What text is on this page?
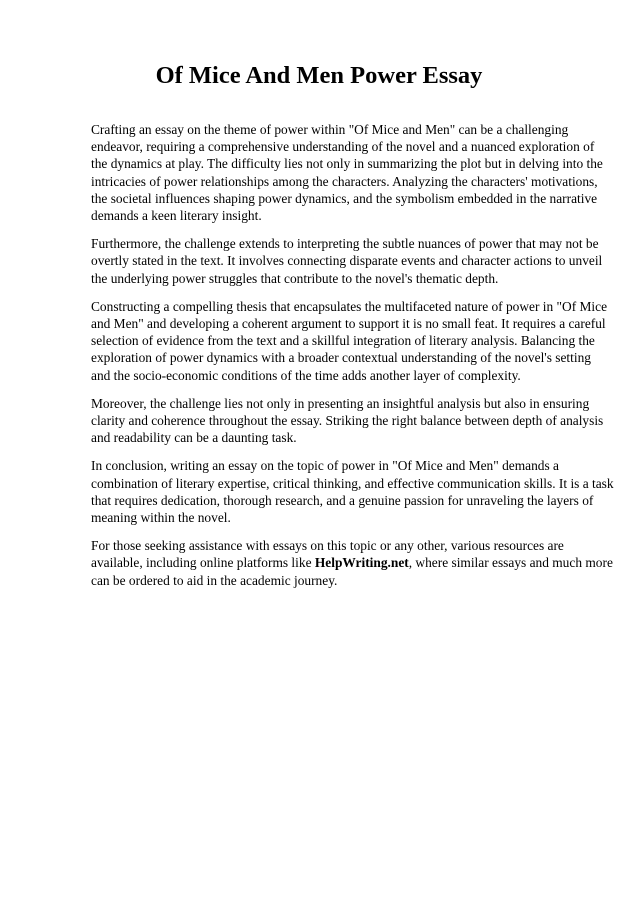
Of Mice And Men Power Essay

Crafting an essay on the theme of power within "Of Mice and Men" can be a challenging
endeavor, requiring a comprehensive understanding of the novel and a nuanced exploration of
the dynamics at play. The difficulty lies not only in summarizing the plot but in delving into the
intricacies of power relationships among the characters. Analyzing the characters' motivations,
the societal influences shaping power dynamics, and the symbolism embedded in the narrative
demands a keen literary insight.

Furthermore, the challenge extends to interpreting the subtle nuances of power that may not be
overtly stated in the text. It involves connecting disparate events and character actions to unveil
the underlying power struggles that contribute to the novel's thematic depth.

Constructing a compelling thesis that encapsulates the multifaceted nature of power in "Of Mice
and Men" and developing a coherent argument to support it is no small feat. It requires a careful
selection of evidence from the text and a skillful integration of literary analysis. Balancing the
exploration of power dynamics with a broader contextual understanding of the novel's setting
and the socio-economic conditions of the time adds another layer of complexity.

Moreover, the challenge lies not only in presenting an insightful analysis but also in ensuring
clarity and coherence throughout the essay. Striking the right balance between depth of analysis
and readability can be a daunting task.

In conclusion, writing an essay on the topic of power in "Of Mice and Men" demands a
combination of literary expertise, critical thinking, and effective communication skills. It is a task
that requires dedication, thorough research, and a genuine passion for unraveling the layers of
meaning within the novel.

For those seeking assistance with essays on this topic or any other, various resources are
available, including online platforms like HelpWriting.net, where similar essays and much more
can be ordered to aid in the academic journey.
